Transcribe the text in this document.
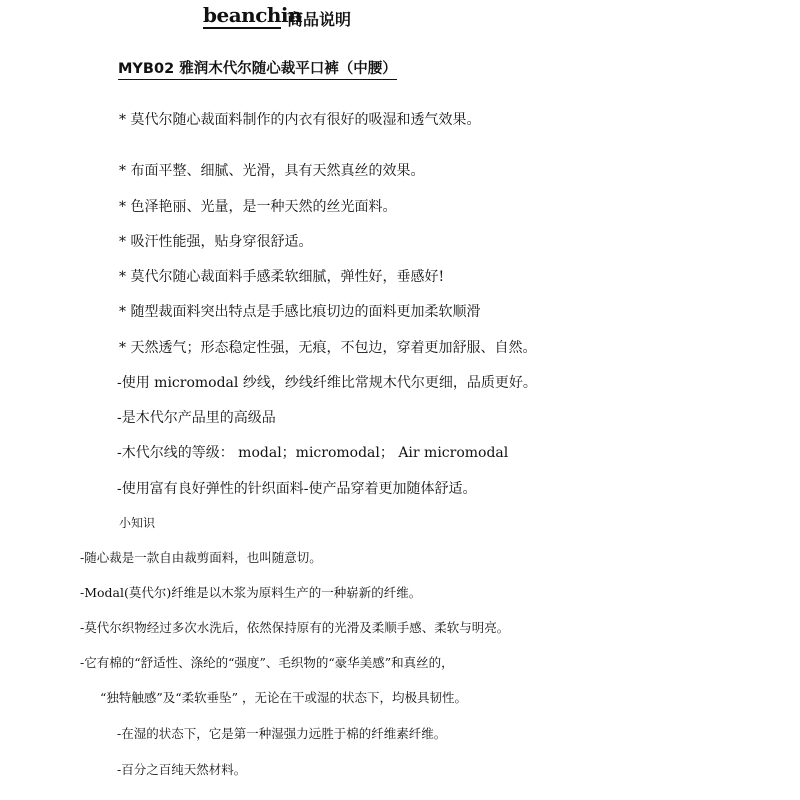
beanchin
商品说明
MYB02 雅润木代尔随心裁平口裤（中腰）
* 莫代尔随心裁面料制作的内衣有很好的吸湿和透气效果。
* 布面平整、细腻、光滑，具有天然真丝的效果。
* 色泽艳丽、光量，是一种天然的丝光面料。
* 吸汗性能强，贴身穿很舒适。
* 莫代尔随心裁面料手感柔软细腻，弹性好，垂感好!
* 随型裁面料突出特点是手感比痕切边的面料更加柔软顺滑
* 天然透气；形态稳定性强，无痕，不包边，穿着更加舒服、自然。
-使用 micromodal 纱线，纱线纤维比常规木代尔更细，品质更好。
-是木代尔产品里的高级品
-木代尔线的等级： modal；micromodal； Air micromodal
-使用富有良好弹性的针织面料-使产品穿着更加随体舒适。
小知识
-随心裁是一款自由裁剪面料，也叫随意切。
-Modal(莫代尔)纤维是以木浆为原料生产的一种崭新的纤维。
-莫代尔织物经过多次水洗后，依然保持原有的光滑及柔顺手感、柔软与明亮。
-它有棉的“舒适性、涤纶的“强度”、毛织物的“豪华美感”和真丝的，
“独特触感”及“柔软垂坠” ，无论在干或湿的状态下，均极具韧性。
-在湿的状态下，它是第一种湿强力远胜于棉的纤维素纤维。
-百分之百纯天然材料。
